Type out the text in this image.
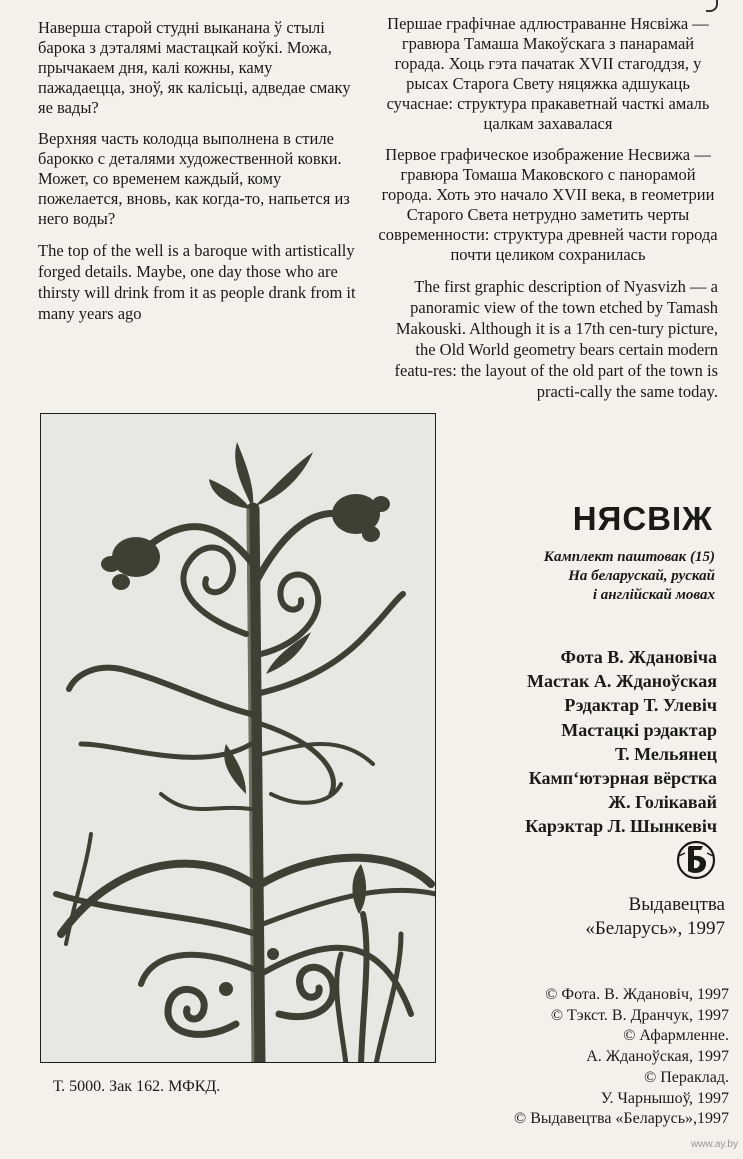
Наверша старой студні выканана ў стылі барока з дэталямі мастацкай коўкі. Можа, прычакаем дня, калі кожны, каму пажадаецца, зноў, як калісьці, адведае смаку яе вады?

Верхняя часть колодца выполнена в стиле барокко с деталями художественной ковки. Может, со временем каждый, кому пожелается, вновь, как когда-то, напьется из него воды?

The top of the well is a baroque with artistically forged details. Maybe, one day those who are thirsty will drink from it as people drank from it many years ago

Першае графічнае адлюстраванне Нясвіжа — гравюра Тамаша Макоўскага з панарамай горада. Хоць гэта пачатак XVII стагоддзя, у рысах Старога Свету няцяжка адшукаць сучаснае: структура пракаветнай часткі амаль цалкам захавалася

Первое графическое изображение Несвижа — гравюра Томаша Маковского с панорамой города. Хоть это начало XVII века, в геометрии Старого Света нетрудно заметить черты современности: структура древней части города почти целиком сохранилась

The first graphic description of Nyasvizh — a panoramic view of the town etched by Tamash Makouski. Although it is a 17th cen-tury picture, the Old World geometry bears certain modern featu-res: the layout of the old part of the town is practi-cally the same today.

НЯСВІЖ
Камплект паштовак (15)
На беларускай, рускай
і англійскай мовах
Фота В. Ждановіча
Мастак А. Жданоўская
Рэдактар Т. Улевіч
Мастацкі рэдактар
Т. Мельянец
Камп‘ютэрная вёрстка
Ж. Голікавай
Карэктар Л. Шынкевіч
Выдавецтва
«Беларусь», 1997
© Фота. В. Ждановіч, 1997
© Тэкст. В. Дранчук, 1997
© Афармленне.
А. Жданоўская, 1997
© Пераклад.
У. Чарнышоў, 1997
© Выдавецтва «Беларусь»,1997

Т. 5000. Зак 162. МФКД.

www.ay.by
